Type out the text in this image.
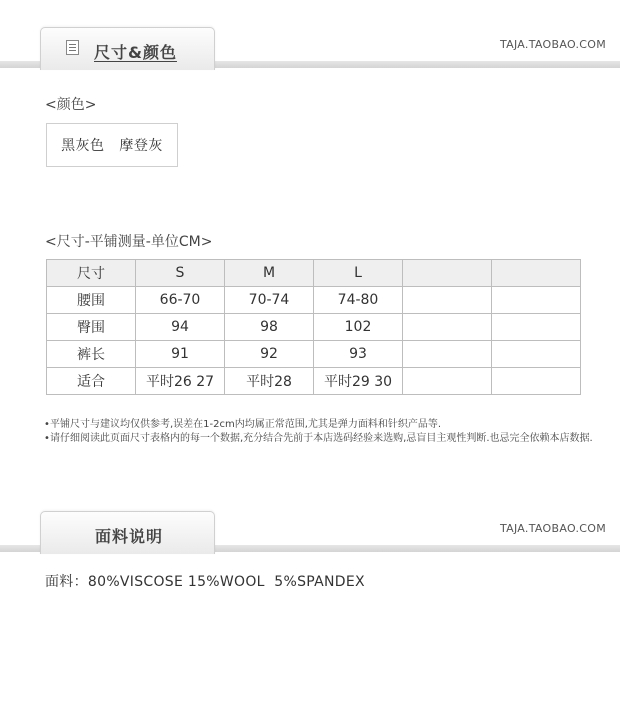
尺寸&颜色	TAJA.TAOBAO.COM
<颜色>
黑灰色   摩登灰
<尺寸-平铺测量-单位CM>
尺寸	S	M	L		
腰围	66-70	70-74	74-80		
臀围	94	98	102		
裤长	91	92	93		
适合	平时26 27	平时28	平时29 30		
•平铺尺寸与建议均仅供参考,误差在1-2cm内均属正常范围,尤其是弹力面料和针织产品等.
•请仔细阅读此页面尺寸表格内的每一个数据,充分结合先前于本店选码经验来选购,忌盲目主观性判断.也忌完全依赖本店数据.
面料说明	TAJA.TAOBAO.COM
面料：80%VISCOSE 15%WOOL  5%SPANDEX
